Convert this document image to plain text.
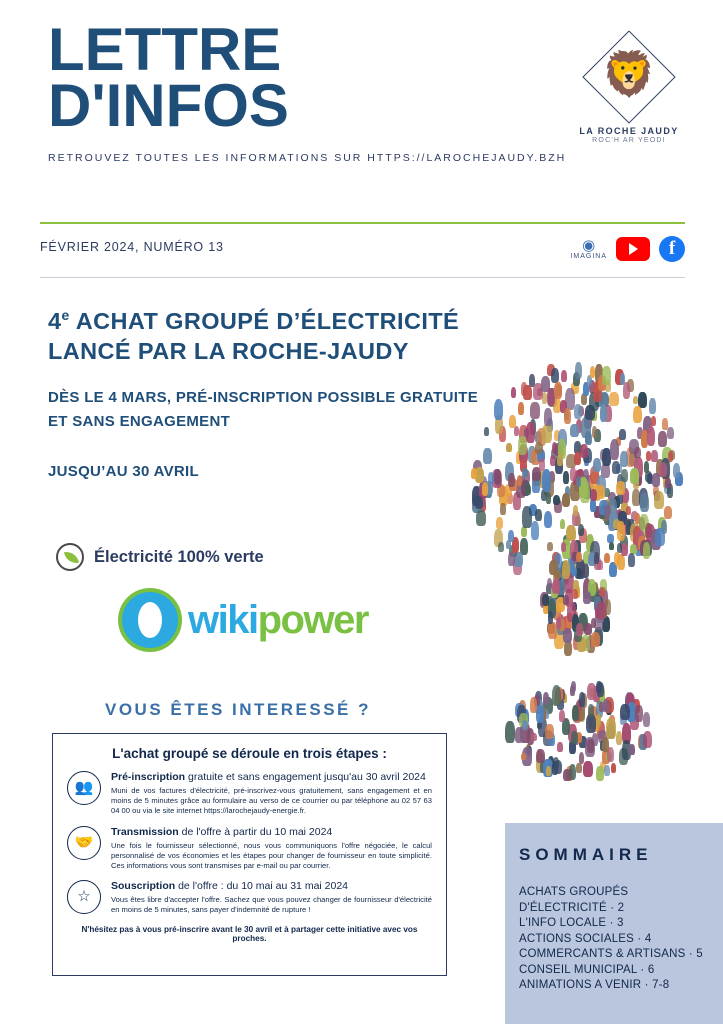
LETTRE
D'INFOS
RETROUVEZ TOUTES LES INFORMATIONS SUR HTTPS://LAROCHEJAUDY.BZH
🦁
LA ROCHE JAUDY
ROC'H AR YEODI
FÉVRIER 2024, NUMÉRO 13	◉
IMAGINA	f
4e ACHAT GROUPÉ D’ÉLECTRICITÉ LANCÉ PAR LA ROCHE-JAUDY
DÈS LE 4 MARS, PRÉ-INSCRIPTION POSSIBLE GRATUITE ET SANS ENGAGEMENT
JUSQU’AU 30 AVRIL
Électricité 100% verte
wikipower
VOUS ÊTES INTERESSÉ ?
L'achat groupé se déroule en trois étapes :
👥
Pré-inscription gratuite et sans engagement jusqu'au 30 avril 2024
Muni de vos factures d'électricité, pré-inscrivez-vous gratuitement, sans engagement et en moins de 5 minutes grâce au formulaire au verso de ce courrier ou par téléphone au 02 57 63 04 00 ou via le site internet https://larochejaudy-energie.fr.
🤝
Transmission de l'offre à partir du 10 mai 2024
Une fois le fournisseur sélectionné, nous vous communiquons l'offre négociée, le calcul personnalisé de vos économies et les étapes pour changer de fournisseur en toute simplicité. Ces informations vous sont transmises par e-mail ou par courrier.
☆
Souscription de l'offre : du 10 mai au 31 mai 2024
Vous êtes libre d'accepter l'offre. Sachez que vous pouvez changer de fournisseur d'électricité en moins de 5 minutes, sans payer d'indemnité de rupture !
N'hésitez pas à vous pré-inscrire avant le 30 avril et à partager cette initiative avec vos proches.
SOMMAIRE
ACHATS GROUPÉS
D'ÉLECTRICITÉ · 2
L'INFO LOCALE · 3
ACTIONS SOCIALES · 4
COMMERCANTS & ARTISANS · 5
CONSEIL MUNICIPAL · 6
ANIMATIONS A VENIR · 7-8
